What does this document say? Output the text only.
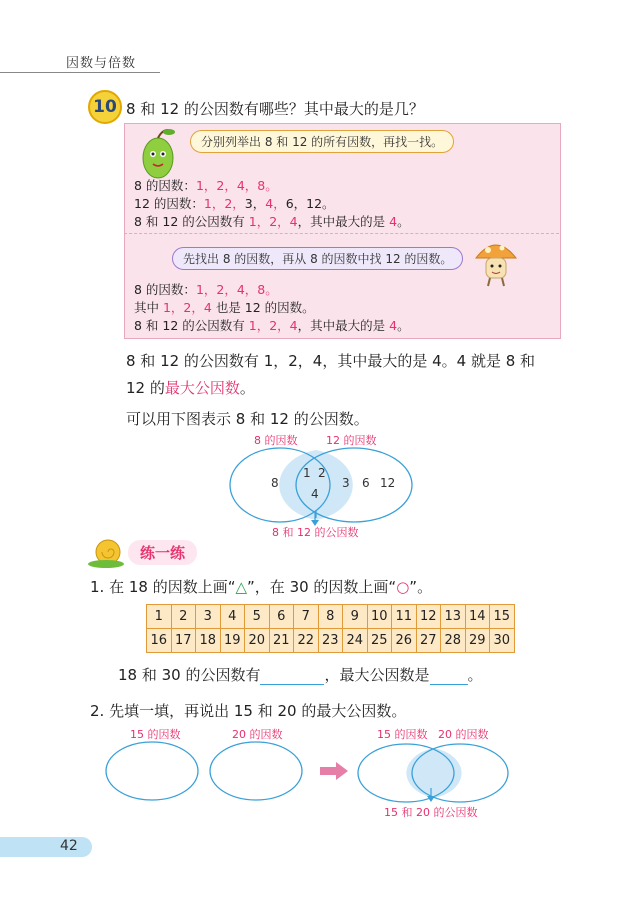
因数与倍数
10 8 和 12 的公因数有哪些？其中最大的是几？
分别列举出 8 和 12 的所有因数，再找一找。
8 的因数：1，2，4，8。
12 的因数：1，2，3，4，6，12。
8 和 12 的公因数有 1，2，4，其中最大的是 4。
先找出 8 的因数，再从 8 的因数中找 12 的因数。
8 的因数：1，2，4，8。
其中 1，2，4 也是 12 的因数。
8 和 12 的公因数有 1，2，4，其中最大的是 4。
8 和 12 的公因数有 1，2，4，其中最大的是 4。4 就是 8 和
12 的最大公因数。
可以用下图表示 8 和 12 的公因数。
8 的因数	12 的因数
8
1 2
4
3 6 12
8 和 12 的公因数
练一练
1. 在 18 的因数上画“△”，在 30 的因数上画“○”。
1	2	3	4	5	6	7	8	9	10	11	12	13	14	15
16	17	18	19	20	21	22	23	24	25	26	27	28	29	30
18 和 30 的公因数有	，最大公因数是	。
2. 先填一填，再说出 15 和 20 的最大公因数。
15 的因数	20 的因数	15 的因数 20 的因数
15 和 20 的公因数
42
